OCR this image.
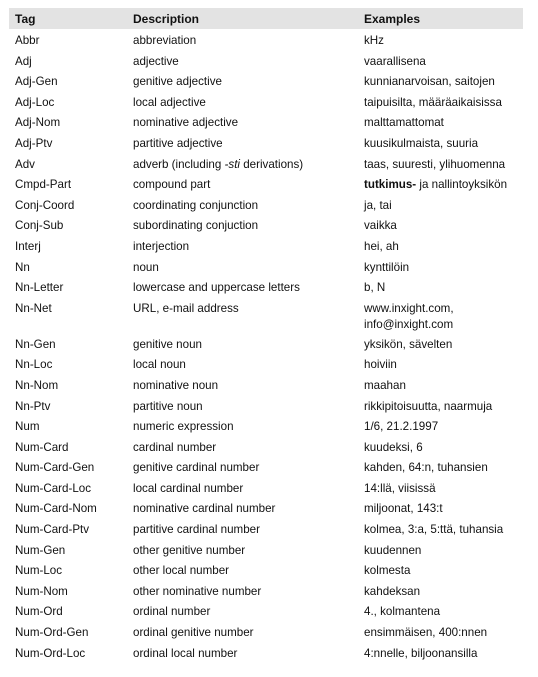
Tag	Description	Examples
Abbr	abbreviation	kHz
Adj	adjective	vaarallisena
Adj-Gen	genitive adjective	kunnianarvoisan, saitojen
Adj-Loc	local adjective	taipuisilta, määräaikaisissa
Adj-Nom	nominative adjective	malttamattomat
Adj-Ptv	partitive adjective	kuusikulmaista, suuria
Adv	adverb (including -sti derivations)	taas, suuresti, ylihuomenna
Cmpd-Part	compound part	tutkimus- ja nallintoyksikön
Conj-Coord	coordinating conjunction	ja, tai
Conj-Sub	subordinating conjuction	vaikka
Interj	interjection	hei, ah
Nn	noun	kynttilöin
Nn-Letter	lowercase and uppercase letters	b, N
Nn-Net	URL, e-mail address	www.inxight.com,
info@inxight.com
Nn-Gen	genitive noun	yksikön, sävelten
Nn-Loc	local noun	hoiviin
Nn-Nom	nominative noun	maahan
Nn-Ptv	partitive noun	rikkipitoisuutta, naarmuja
Num	numeric expression	1/6, 21.2.1997
Num-Card	cardinal number	kuudeksi, 6
Num-Card-Gen	genitive cardinal number	kahden, 64:n, tuhansien
Num-Card-Loc	local cardinal number	14:llä, viisissä
Num-Card-Nom	nominative cardinal number	miljoonat, 143:t
Num-Card-Ptv	partitive cardinal number	kolmea, 3:a, 5:ttä, tuhansia
Num-Gen	other genitive number	kuudennen
Num-Loc	other local number	kolmesta
Num-Nom	other nominative number	kahdeksan
Num-Ord	ordinal number	4., kolmantena
Num-Ord-Gen	ordinal genitive number	ensimmäisen, 400:nnen
Num-Ord-Loc	ordinal local number	4:nnelle, biljoonansilla
